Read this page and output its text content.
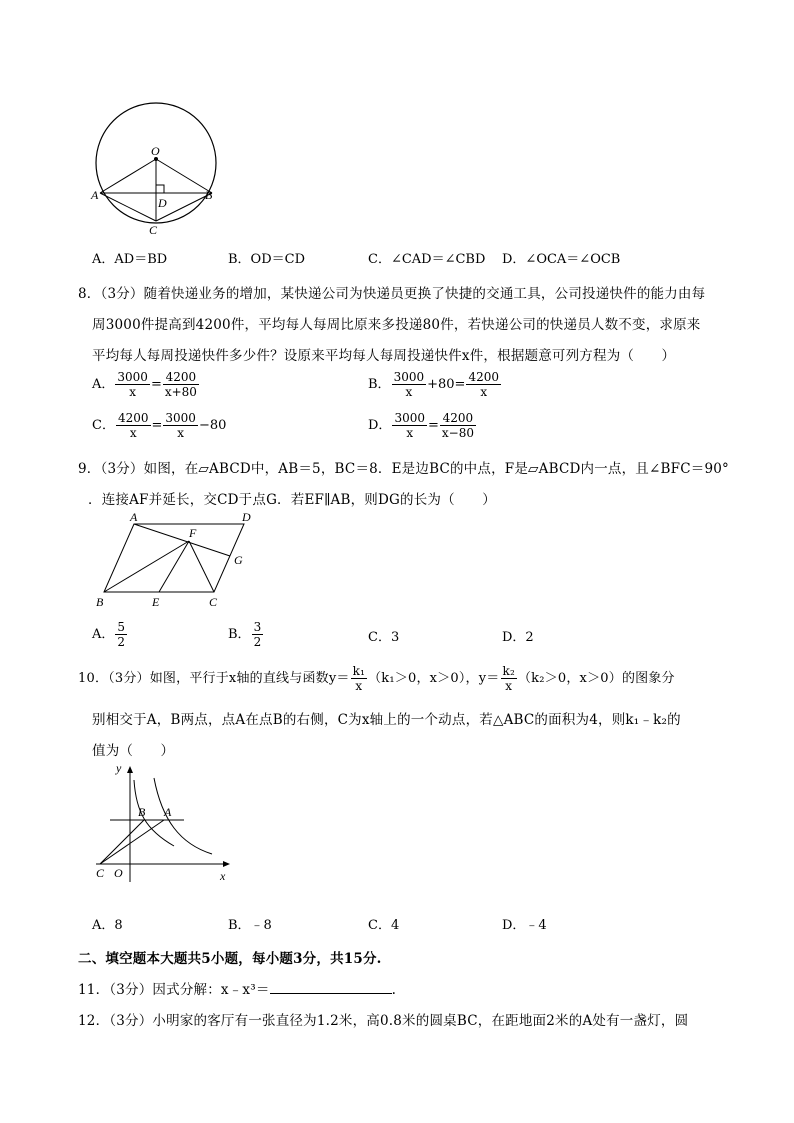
O
D
A	B
C
A．AD＝BD	B．OD＝CD	C．∠CAD＝∠CBD D．∠OCA＝∠OCB
8．（3分）随着快递业务的增加，某快递公司为快递员更换了快捷的交通工具，公司投递快件的能力由每
周3000件提高到4200件，平均每人每周比原来多投递80件，若快递公司的快递员人数不变，求原来
平均每人每周投递快件多少件？设原来平均每人每周投递快件x件，根据题意可列方程为（　　）
A． $\frac{3000}{x} = \frac{4200}{x+80}$	B． $\frac{3000}{x} +80= \frac{4200}{x}$
C． $\frac{4200}{x} = \frac{3000}{x} -80$	D． $\frac{3000}{x} = \frac{4200}{x-80}$
9．（3分）如图，在▱ABCD中，AB＝5，BC＝8．E是边BC的中点，F是▱ABCD内一点，且∠BFC＝90°
．连接AF并延长，交CD于点G．若EF∥AB，则DG的长为（　　）
A	D
F
G
B	E	C
A． $\frac{5}{2}$	B． $\frac{3}{2}$	C．3	D．2
10．（3分）如图，平行于x轴的直线与函数$y= \frac{\text{k₁}}{x} (k_1>0$，x＞0），$y= \frac{\text{k₂}}{x} (k_2>0$，x＞0）的图象分
别相交于A，B两点，点A在点B的右侧，C为x轴上的一个动点，若△ABC的面积为4，则k₁﹣k₂的
值为（　　）
y
x
B A
C O
A．8	B．﹣8	C．4	D．﹣4
二、填空题本大题共5小题，每小题3分，共15分.
11．（3分）因式分解：x﹣x³＝	.
12．（3分）小明家的客厅有一张直径为1.2米，高0.8米的圆桌BC，在距地面2米的A处有一盏灯，圆
